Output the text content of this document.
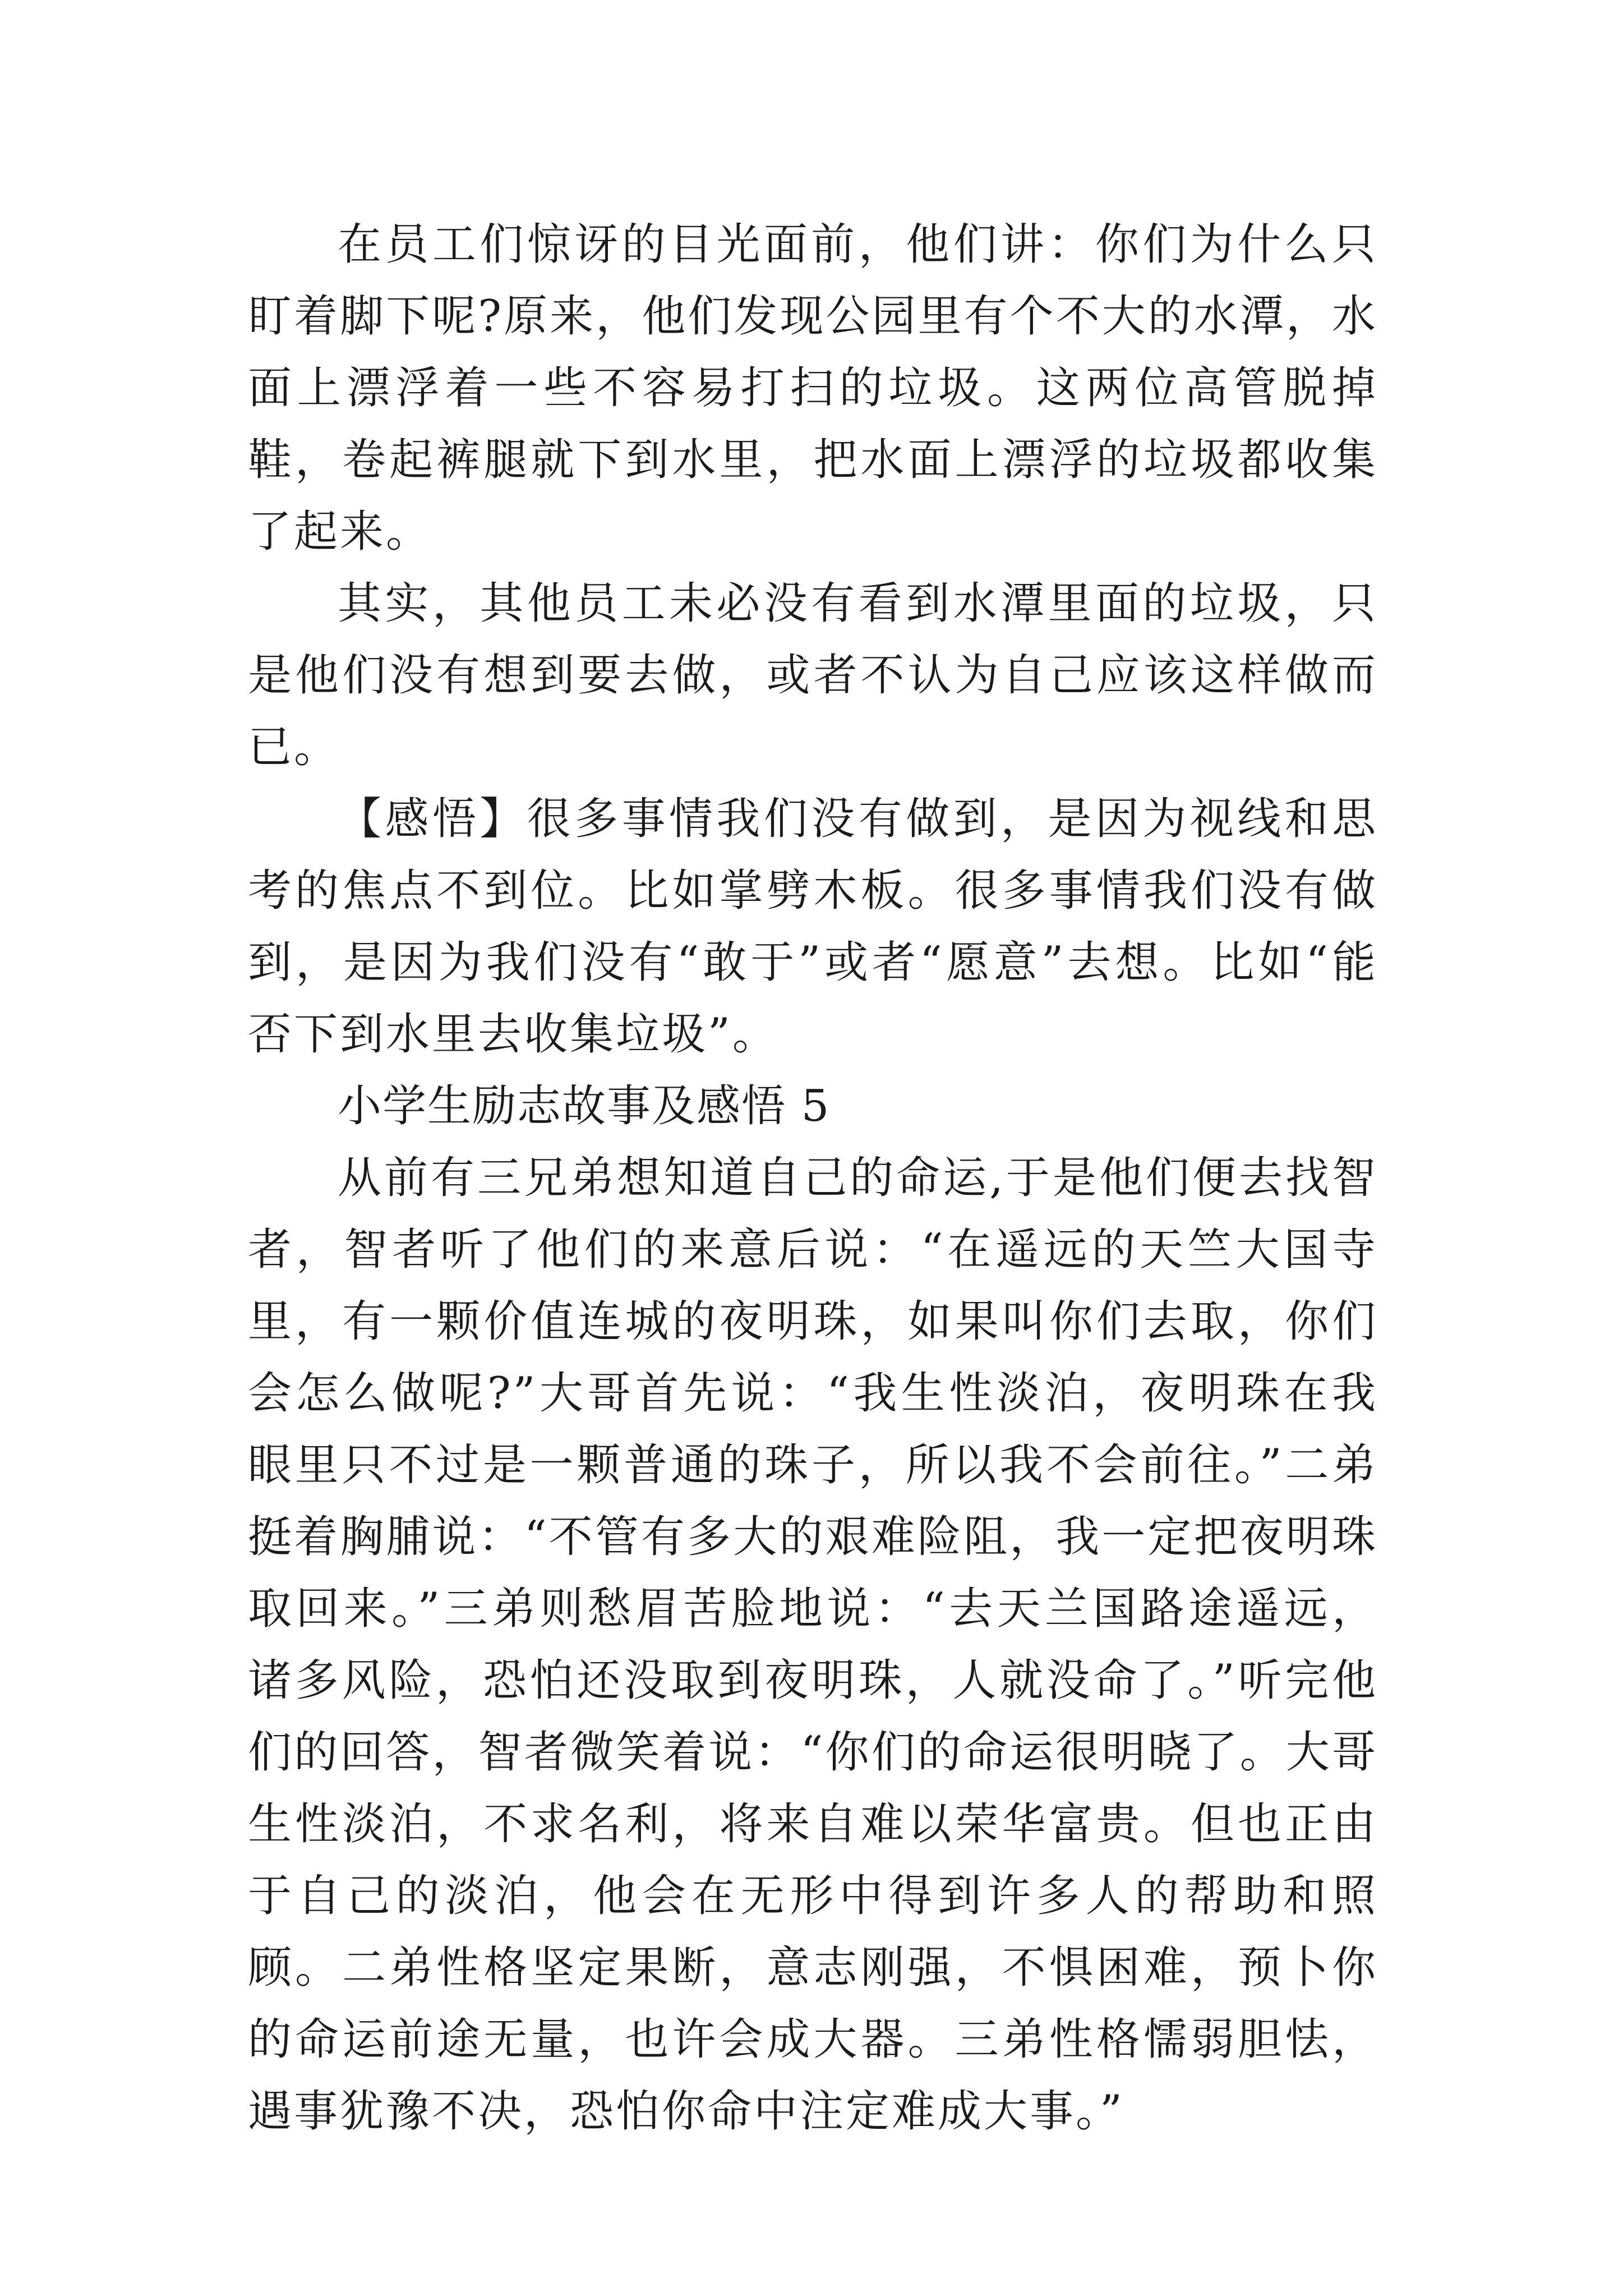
在员工们惊讶的目光面前，他们讲：你们为什么只盯着脚下呢?原来，他们发现公园里有个不大的水潭，水面上漂浮着一些不容易打扫的垃圾。这两位高管脱掉鞋，卷起裤腿就下到水里，把水面上漂浮的垃圾都收集了起来。

其实，其他员工未必没有看到水潭里面的垃圾，只是他们没有想到要去做，或者不认为自己应该这样做而已。

【感悟】很多事情我们没有做到，是因为视线和思考的焦点不到位。比如掌劈木板。很多事情我们没有做到，是因为我们没有“敢于”或者“愿意”去想。比如“能否下到水里去收集垃圾”。

小学生励志故事及感悟 5

从前有三兄弟想知道自己的命运,于是他们便去找智者，智者听了他们的来意后说：“在遥远的天竺大国寺里，有一颗价值连城的夜明珠，如果叫你们去取，你们会怎么做呢?”大哥首先说：“我生性淡泊，夜明珠在我眼里只不过是一颗普通的珠子，所以我不会前往。”二弟挺着胸脯说：“不管有多大的艰难险阻，我一定把夜明珠取回来。”三弟则愁眉苦脸地说：“去天兰国路途遥远，诸多风险，恐怕还没取到夜明珠，人就没命了。”听完他们的回答，智者微笑着说：“你们的命运很明晓了。大哥生性淡泊，不求名利，将来自难以荣华富贵。但也正由于自己的淡泊，他会在无形中得到许多人的帮助和照顾。二弟性格坚定果断，意志刚强，不惧困难，预卜你的命运前途无量，也许会成大器。三弟性格懦弱胆怯，遇事犹豫不决，恐怕你命中注定难成大事。”
